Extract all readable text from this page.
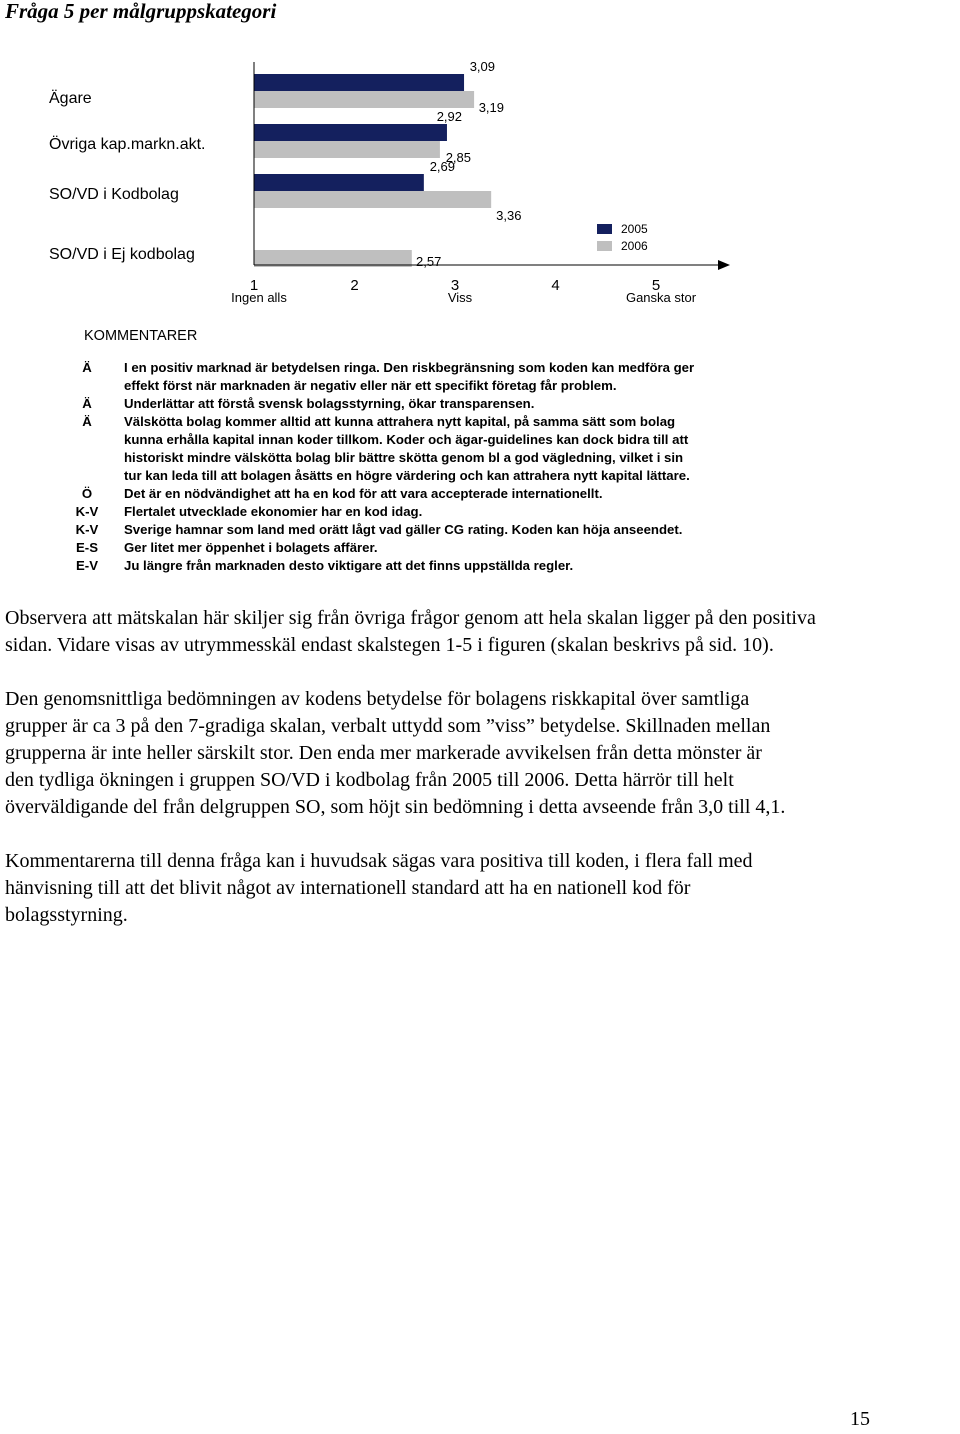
Fråga 5 per målgruppskategori
Ägare
Övriga kap.markn.akt.
SO/VD i Kodbolag
SO/VD i Ej kodbolag
3,09
2,92
2,69
3,19
2,85
3,36
2,57
1	2	3	4	5
Ingen alls	Viss	Ganska stor
2005
2006
KOMMENTARER
Ä	I en positiv marknad är betydelsen ringa. Den riskbegränsning som koden kan medföra ger
effekt först när marknaden är negativ eller när ett specifikt företag får problem.
Ä	Underlättar att förstå svensk bolagsstyrning, ökar transparensen.
Ä	Välskötta bolag kommer alltid att kunna attrahera nytt kapital, på samma sätt som bolag
kunna erhålla kapital innan koder tillkom. Koder och ägar-guidelines kan dock bidra till att
historiskt mindre välskötta bolag blir bättre skötta genom bl a god vägledning, vilket i sin
tur kan leda till att bolagen åsätts en högre värdering och kan attrahera nytt kapital lättare.
Ö	Det är en nödvändighet att ha en kod för att vara accepterade internationellt.
K-V	Flertalet utvecklade ekonomier har en kod idag.
K-V	Sverige hamnar som land med orätt lågt vad gäller CG rating. Koden kan höja anseendet.
E-S	Ger litet mer öppenhet i bolagets affärer.
E-V	Ju längre från marknaden desto viktigare att det finns uppställda regler.
Observera att mätskalan här skiljer sig från övriga frågor genom att hela skalan ligger på den positiva
sidan. Vidare visas av utrymmesskäl endast skalstegen 1-5 i figuren (skalan beskrivs på sid. 10).
Den genomsnittliga bedömningen av kodens betydelse för bolagens riskkapital över samtliga
grupper är ca 3 på den 7-gradiga skalan, verbalt uttydd som ”viss” betydelse. Skillnaden mellan
grupperna är inte heller särskilt stor. Den enda mer markerade avvikelsen från detta mönster är
den tydliga ökningen i gruppen SO/VD i kodbolag från 2005 till 2006. Detta härrör till helt
överväldigande del från delgruppen SO, som höjt sin bedömning i detta avseende från 3,0 till 4,1.
Kommentarerna till denna fråga kan i huvudsak sägas vara positiva till koden, i flera fall med
hänvisning till att det blivit något av internationell standard att ha en nationell kod för
bolagsstyrning.
15
